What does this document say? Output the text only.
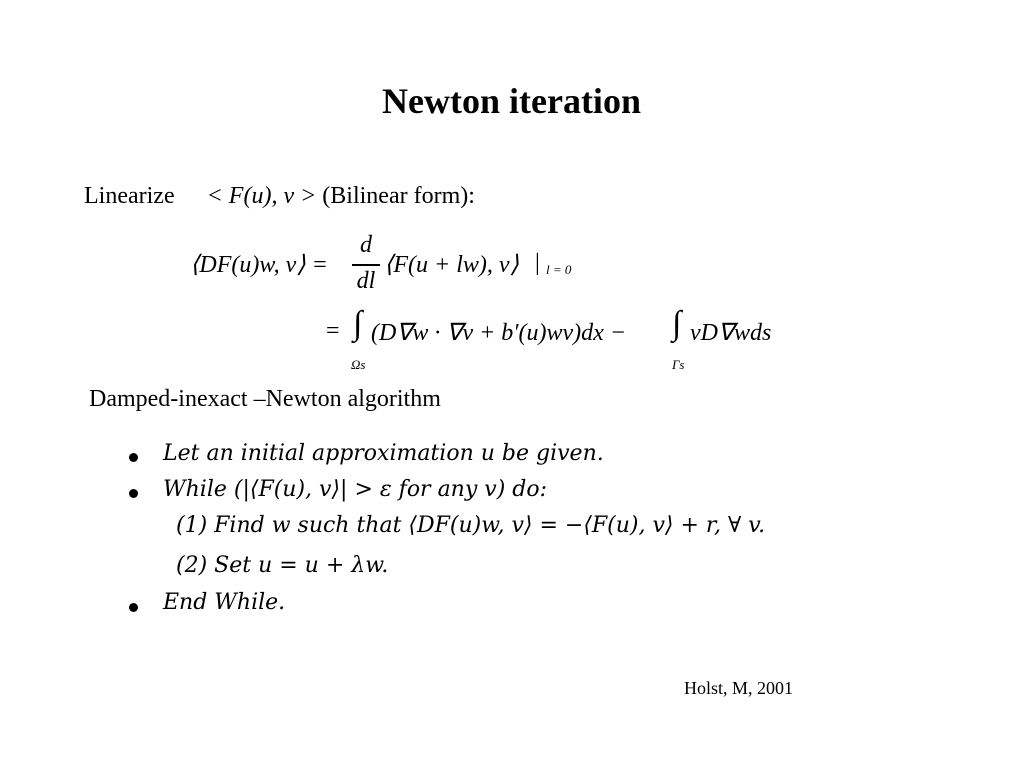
Newton iteration
Linearize < F(u), v > (Bilinear form):
⟨DF(u)w, v⟩ =
d
dl
⟨F(u + lw), v⟩ | l = 0
= ∫
Ωs
(D∇w · ∇v + b′(u)wv)dx − ∫
Γs
vD∇wds
Damped-inexact –Newton algorithm
Let an initial approximation u be given.
While (|⟨F(u), v⟩| > ε for any v) do:
(1) Find w such that ⟨DF(u)w, v⟩ = −⟨F(u), v⟩ + r, ∀ v.
(2) Set u = u + λw.
End While.
Holst, M, 2001
